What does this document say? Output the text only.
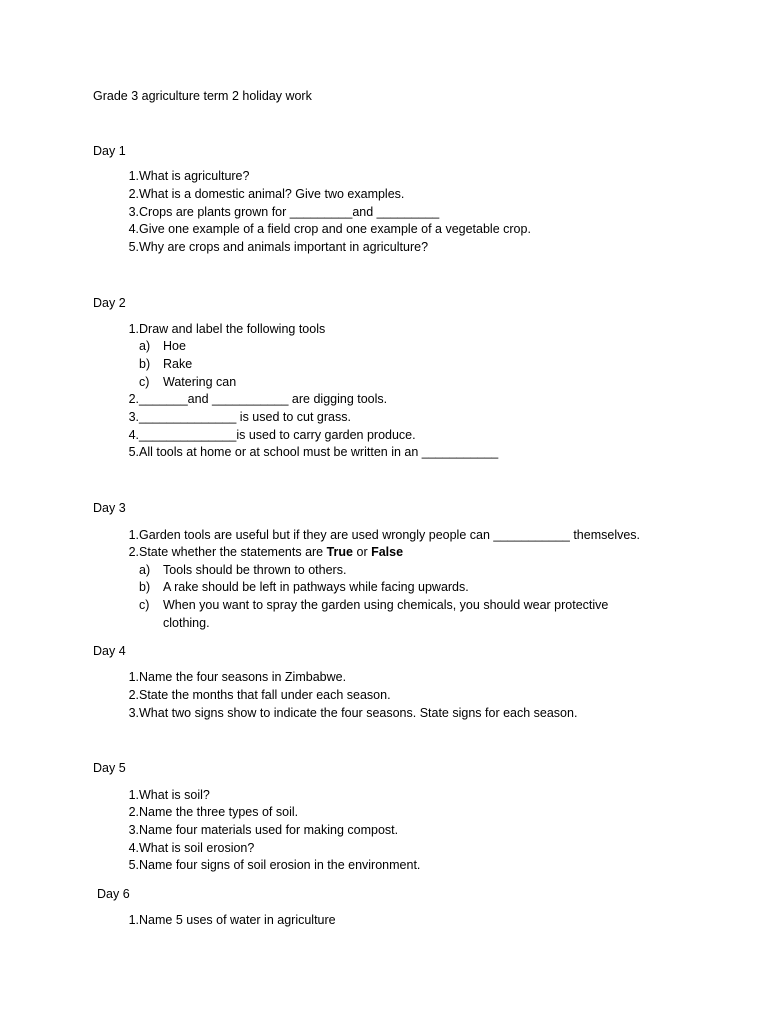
Grade 3 agriculture term 2 holiday work
Day 1
1. What is agriculture?
2. What is a domestic animal? Give two examples.
3. Crops are plants grown for _________and _________
4. Give one example of a field crop and one example of a vegetable crop.
5. Why are crops and animals important in agriculture?
Day 2
1. Draw and label the following tools
a) Hoe
b) Rake
c) Watering can
2. _______and ___________ are digging tools.
3. ______________ is used to cut grass.
4. ______________is used to carry garden produce.
5. All tools at home or at school must be written in an ___________
Day 3
1. Garden tools are useful but if they are used wrongly people can ___________ themselves.
2. State whether the statements are True or False
a) Tools should be thrown to others.
b) A rake should be left in pathways while facing upwards.
c) When you want to spray the garden using chemicals, you should wear protective
clothing.
Day 4
1. Name the four seasons in Zimbabwe.
2. State the months that fall under each season.
3. What two signs show to indicate the four seasons. State signs for each season.
Day 5
1. What is soil?
2. Name the three types of soil.
3. Name four materials used for making compost.
4. What is soil erosion?
5. Name four signs of soil erosion in the environment.
Day 6
1. Name 5 uses of water in agriculture
